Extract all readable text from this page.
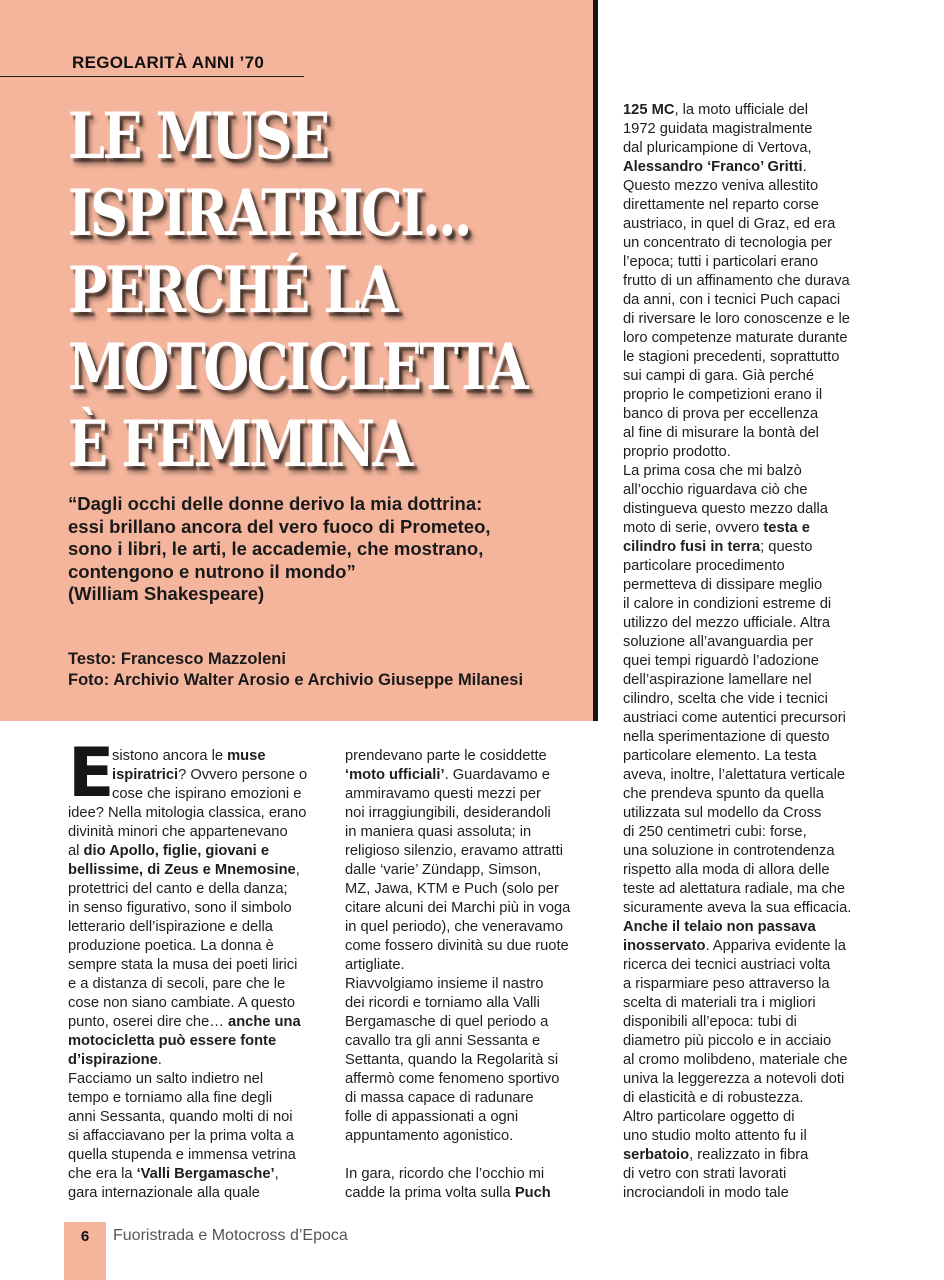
REGOLARITÀ ANNI ’70
LE MUSE
ISPIRATRICI...
PERCHÉ LA
MOTOCICLETTA
È FEMMINA
“Dagli occhi delle donne derivo la mia dottrina:
essi brillano ancora del vero fuoco di Prometeo,
sono i libri, le arti, le accademie, che mostrano,
contengono e nutrono il mondo”
(William Shakespeare)
Testo: Francesco Mazzoleni
Foto: Archivio Walter Arosio e Archivio Giuseppe Milanesi
E
sistono ancora le muse
ispiratrici? Ovvero persone o
cose che ispirano emozioni e
idee? Nella mitologia classica, erano
divinità minori che appartenevano
al dio Apollo, figlie, giovani e
bellissime, di Zeus e Mnemosine,
protettrici del canto e della danza;
in senso figurativo, sono il simbolo
letterario dell’ispirazione e della
produzione poetica. La donna è
sempre stata la musa dei poeti lirici
e a distanza di secoli, pare che le
cose non siano cambiate. A questo
punto, oserei dire che… anche una
motocicletta può essere fonte
d’ispirazione.
Facciamo un salto indietro nel
tempo e torniamo alla fine degli
anni Sessanta, quando molti di noi
si affacciavano per la prima volta a
quella stupenda e immensa vetrina
che era la ‘Valli Bergamasche’,
gara internazionale alla quale
prendevano parte le cosiddette
‘moto ufficiali’. Guardavamo e
ammiravamo questi mezzi per
noi irraggiungibili, desiderandoli
in maniera quasi assoluta; in
religioso silenzio, eravamo attratti
dalle ‘varie’ Zündapp, Simson,
MZ, Jawa, KTM e Puch (solo per
citare alcuni dei Marchi più in voga
in quel periodo), che veneravamo
come fossero divinità su due ruote
artigliate.
Riavvolgiamo insieme il nastro
dei ricordi e torniamo alla Valli
Bergamasche di quel periodo a
cavallo tra gli anni Sessanta e
Settanta, quando la Regolarità si
affermò come fenomeno sportivo
di massa capace di radunare
folle di appassionati a ogni
appuntamento agonistico.
In gara, ricordo che l’occhio mi
cadde la prima volta sulla Puch
125 MC, la moto ufficiale del
1972 guidata magistralmente
dal pluricampione di Vertova,
Alessandro ‘Franco’ Gritti.
Questo mezzo veniva allestito
direttamente nel reparto corse
austriaco, in quel di Graz, ed era
un concentrato di tecnologia per
l’epoca; tutti i particolari erano
frutto di un affinamento che durava
da anni, con i tecnici Puch capaci
di riversare le loro conoscenze e le
loro competenze maturate durante
le stagioni precedenti, soprattutto
sui campi di gara. Già perché
proprio le competizioni erano il
banco di prova per eccellenza
al fine di misurare la bontà del
proprio prodotto.
La prima cosa che mi balzò
all’occhio riguardava ciò che
distingueva questo mezzo dalla
moto di serie, ovvero testa e
cilindro fusi in terra; questo
particolare procedimento
permetteva di dissipare meglio
il calore in condizioni estreme di
utilizzo del mezzo ufficiale. Altra
soluzione all’avanguardia per
quei tempi riguardò l’adozione
dell’aspirazione lamellare nel
cilindro, scelta che vide i tecnici
austriaci come autentici precursori
nella sperimentazione di questo
particolare elemento. La testa
aveva, inoltre, l’alettatura verticale
che prendeva spunto da quella
utilizzata sul modello da Cross
di 250 centimetri cubi: forse,
una soluzione in controtendenza
rispetto alla moda di allora delle
teste ad alettatura radiale, ma che
sicuramente aveva la sua efficacia.
Anche il telaio non passava
inosservato. Appariva evidente la
ricerca dei tecnici austriaci volta
a risparmiare peso attraverso la
scelta di materiali tra i migliori
disponibili all’epoca: tubi di
diametro più piccolo e in acciaio
al cromo molibdeno, materiale che
univa la leggerezza a notevoli doti
di elasticità e di robustezza.
Altro particolare oggetto di
uno studio molto attento fu il
serbatoio, realizzato in fibra
di vetro con strati lavorati
incrociandoli in modo tale
6	Fuoristrada e Motocross d’Epoca
